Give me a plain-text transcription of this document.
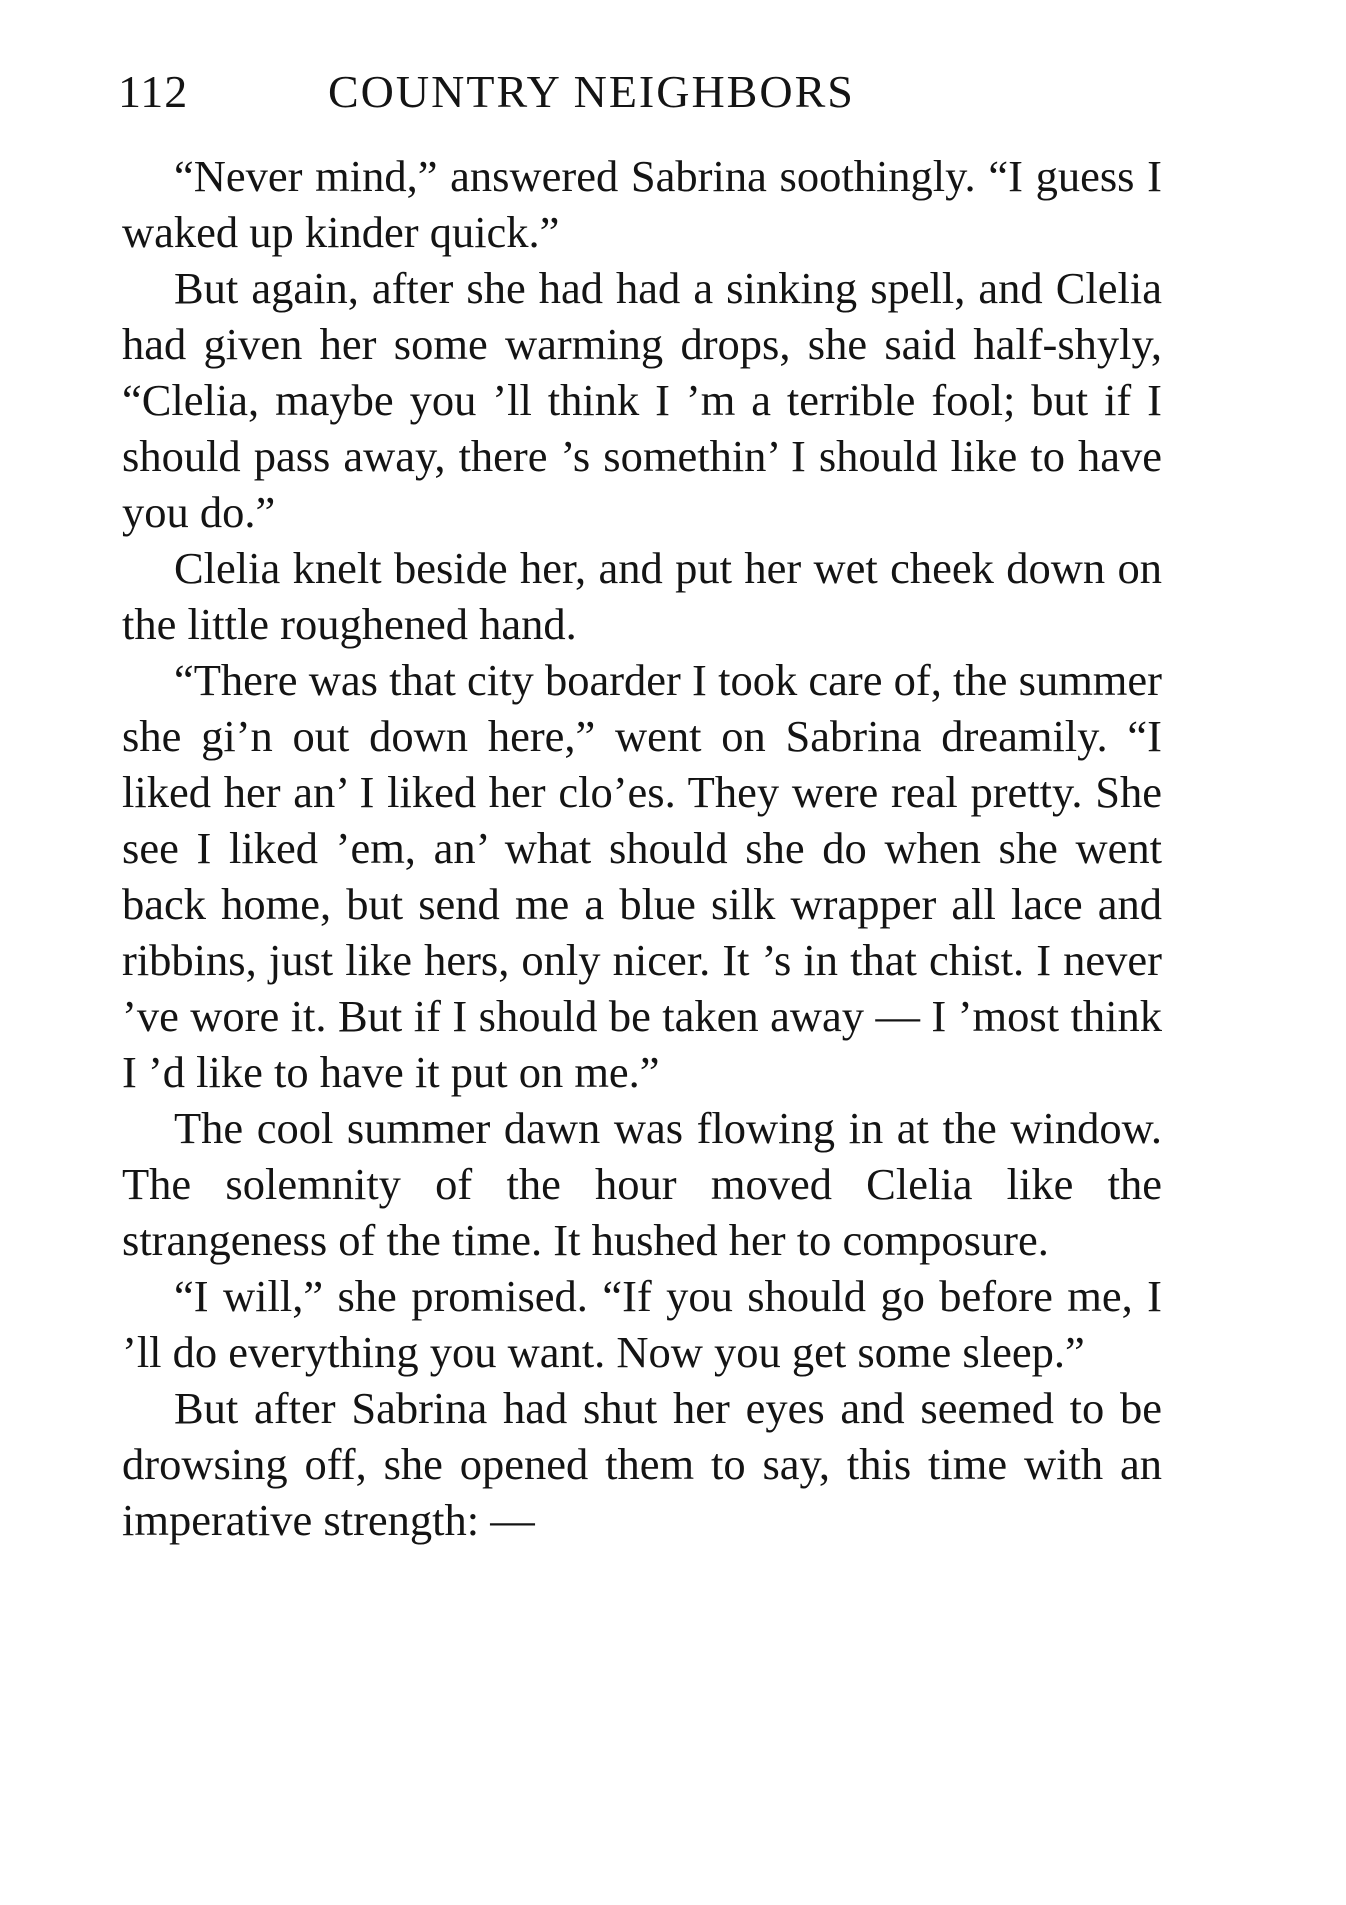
112	COUNTRY NEIGHBORS

“Never mind,” answered Sabrina soothingly. “I guess I waked up kinder quick.”

But again, after she had had a sinking spell, and Clelia had given her some warming drops, she said half-shyly, “Clelia, maybe you ’ll think I ’m a terrible fool; but if I should pass away, there ’s somethin’ I should like to have you do.”

Clelia knelt beside her, and put her wet cheek down on the little roughened hand.

“There was that city boarder I took care of, the summer she gi’n out down here,” went on Sabrina dreamily. “I liked her an’ I liked her clo’es. They were real pretty. She see I liked ’em, an’ what should she do when she went back home, but send me a blue silk wrapper all lace and ribbins, just like hers, only nicer. It ’s in that chist. I never ’ve wore it. But if I should be taken away — I ’most think I ’d like to have it put on me.”

The cool summer dawn was flowing in at the window. The solemnity of the hour moved Clelia like the strangeness of the time. It hushed her to composure.

“I will,” she promised. “If you should go before me, I ’ll do everything you want. Now you get some sleep.”

But after Sabrina had shut her eyes and seemed to be drowsing off, she opened them to say, this time with an imperative strength: —
